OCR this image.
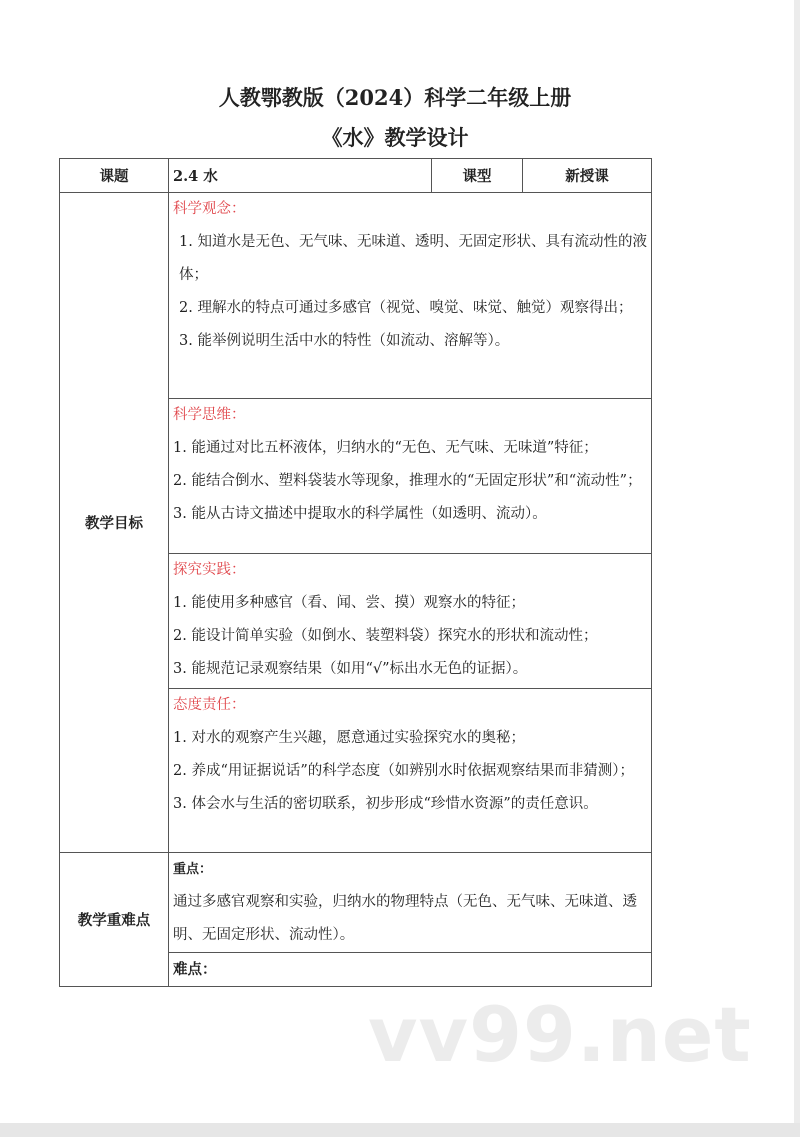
人教鄂教版（2024）科学二年级上册
《水》教学设计
课题	2.4 水	课型	新授课
教学目标	科学观念：
1. 知道水是无色、无气味、无味道、透明、无固定形状、具有流动性的液体；
2. 理解水的特点可通过多感官（视觉、嗅觉、味觉、触觉）观察得出；
3. 能举例说明生活中水的特性（如流动、溶解等）。		

	科学思维：
1. 能通过对比五杯液体，归纳水的“无色、无气味、无味道”特征；
2. 能结合倒水、塑料袋装水等现象，推理水的“无固定形状”和“流动性”；
3. 能从古诗文描述中提取水的科学属性（如透明、流动）。		

	探究实践：
1. 能使用多种感官（看、闻、尝、摸）观察水的特征；
2. 能设计简单实验（如倒水、装塑料袋）探究水的形状和流动性；
3. 能规范记录观察结果（如用“√”标出水无色的证据）。		

	态度责任：
1. 对水的观察产生兴趣，愿意通过实验探究水的奥秘；
2. 养成“用证据说话”的科学态度（如辨别水时依据观察结果而非猜测）；
3. 体会水与生活的密切联系，初步形成“珍惜水资源”的责任意识。		

教学重难点	重点：
通过多感官观察和实验，归纳水的物理特点（无色、无气味、无味道、透明、无固定形状、流动性）。		

	难点：		
vv99.net
